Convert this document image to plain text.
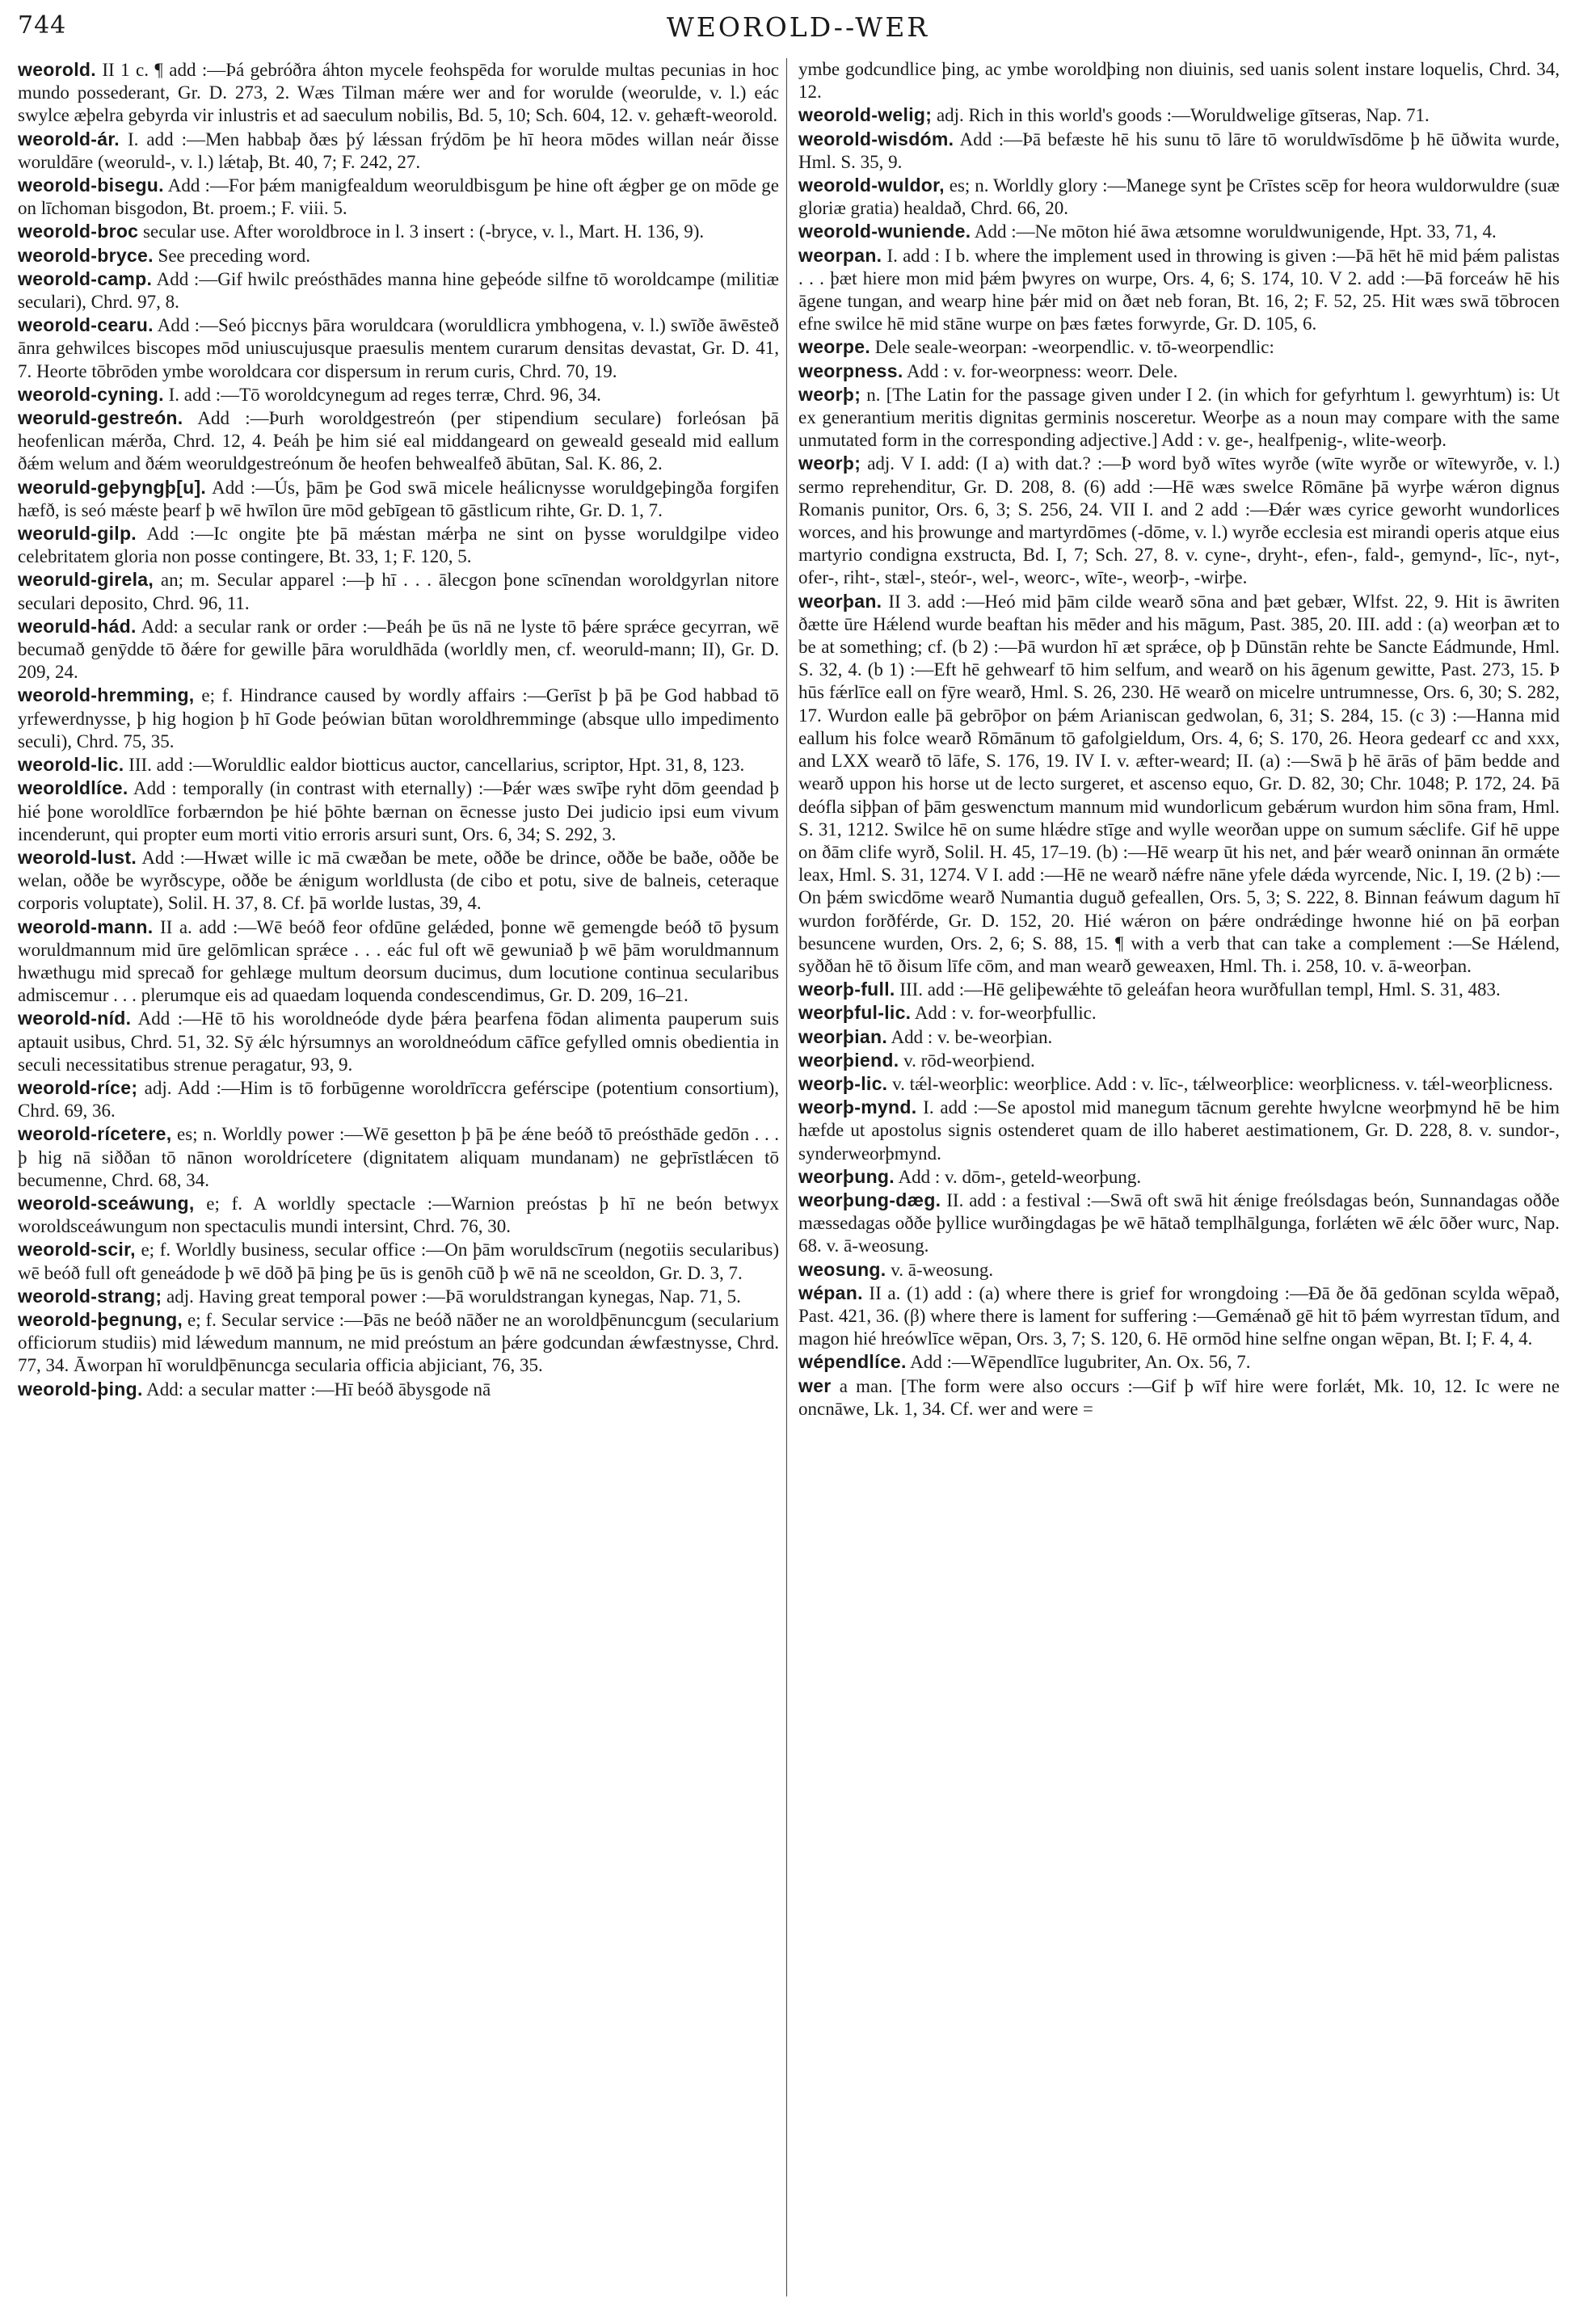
744	WEOROLD--WER

weorold. II 1 c. ¶ add :—Þá gebróðra áhton mycele feohspēda for worulde multas pecunias in hoc mundo possederant, Gr. D. 273, 2. Wæs Tilman mǽre wer and for worulde (weorulde, v. l.) eác swylce æþelra gebyrda vir inlustris et ad saeculum nobilis, Bd. 5, 10; Sch. 604, 12. v. gehæft-weorold.

weorold-ár. I. add :—Men habbaþ ðæs þý lǽssan frýdōm þe hī heora mōdes willan neár ðisse woruldāre (weoruld-, v. l.) lǽtaþ, Bt. 40, 7; F. 242, 27.

weorold-bisegu. Add :—For þǽm manigfealdum weoruldbisgum þe hine oft ǽgþer ge on mōde ge on līchoman bisgodon, Bt. proem.; F. viii. 5.

weorold-broc secular use. After woroldbroce in l. 3 insert : (-bryce, v. l., Mart. H. 136, 9).

weorold-bryce. See preceding word.

weorold-camp. Add :—Gif hwilc preósthādes manna hine geþeóde silfne tō woroldcampe (militiæ seculari), Chrd. 97, 8.

weorold-cearu. Add :—Seó þiccnys þāra woruldcara (woruldlicra ymbhogena, v. l.) swīðe āwēsteð ānra gehwilces biscopes mōd uniuscujusque praesulis mentem curarum densitas devastat, Gr. D. 41, 7. Heorte tōbrōden ymbe woroldcara cor dispersum in rerum curis, Chrd. 70, 19.

weorold-cyning. I. add :—Tō woroldcynegum ad reges terræ, Chrd. 96, 34.

weoruld-gestreón. Add :—Þurh woroldgestreón (per stipendium seculare) forleósan þā heofenlican mǽrða, Chrd. 12, 4. Þeáh þe him sié eal middangeard on geweald geseald mid eallum ðǽm welum and ðǽm weoruldgestreónum ðe heofen behwealfeð ābūtan, Sal. K. 86, 2.

weoruld-geþyngþ[u]. Add :—Ús, þām þe God swā micele heálicnysse woruldgeþingða forgifen hæfð, is seó mǽste þearf þ wē hwīlon ūre mōd gebīgean tō gāstlicum rihte, Gr. D. 1, 7.

weoruld-gilp. Add :—Ic ongite þte þā mǽstan mǽrþa ne sint on þysse woruldgilpe video celebritatem gloria non posse contingere, Bt. 33, 1; F. 120, 5.

weoruld-girela, an; m. Secular apparel :—þ hī . . . ālecgon þone scīnendan woroldgyrlan nitore seculari deposito, Chrd. 96, 11.

weoruld-hád. Add: a secular rank or order :—Þeáh þe ūs nā ne lyste tō þǽre sprǽce gecyrran, wē becumað genȳdde tō ðǽre for gewille þāra woruldhāda (worldly men, cf. weoruld-mann; II), Gr. D. 209, 24.

weorold-hremming, e; f. Hindrance caused by wordly affairs :—Gerīst þ þā þe God habbad tō yrfewerdnysse, þ hig hogion þ hī Gode þeówian būtan woroldhremminge (absque ullo impedimento seculi), Chrd. 75, 35.

weorold-lic. III. add :—Woruldlic ealdor biotticus auctor, cancellarius, scriptor, Hpt. 31, 8, 123.

weoroldlíce. Add : temporally (in contrast with eternally) :—Þǽr wæs swīþe ryht dōm geendad þ hié þone woroldlīce forbærndon þe hié þōhte bærnan on ēcnesse justo Dei judicio ipsi eum vivum incenderunt, qui propter eum morti vitio erroris arsuri sunt, Ors. 6, 34; S. 292, 3.

weorold-lust. Add :—Hwæt wille ic mā cwæðan be mete, oððe be drince, oððe be baðe, oððe be welan, oððe be wyrðscype, oððe be ǽnigum worldlusta (de cibo et potu, sive de balneis, ceteraque corporis voluptate), Solil. H. 37, 8. Cf. þā worlde lustas, 39, 4.

weorold-mann. II a. add :—Wē beóð feor ofdūne gelǽded, þonne wē gemengde beóð tō þysum woruldmannum mid ūre gelōmlican sprǽce . . . eác ful oft wē gewuniað þ wē þām woruldmannum hwæthugu mid sprecað for gehlæge multum deorsum ducimus, dum locutione continua secularibus admiscemur . . . plerumque eis ad quaedam loquenda condescendimus, Gr. D. 209, 16–21.

weorold-níd. Add :—Hē tō his woroldneóde dyde þǽra þearfena fōdan alimenta pauperum suis aptauit usibus, Chrd. 51, 32. Sȳ ǽlc hýrsumnys an woroldneódum cāfīce gefylled omnis obedientia in seculi necessitatibus strenue peragatur, 93, 9.

weorold-ríce; adj. Add :—Him is tō forbūgenne woroldrīccra geférscipe (potentium consortium), Chrd. 69, 36.

weorold-rícetere, es; n. Worldly power :—Wē gesetton þ þā þe ǽne beóð tō preósthāde gedōn . . . þ hig nā siððan tō nānon woroldrícetere (dignitatem aliquam mundanam) ne geþrīstlǽcen tō becumenne, Chrd. 68, 34.

weorold-sceáwung, e; f. A worldly spectacle :—Warnion preóstas þ hī ne beón betwyx woroldsceáwungum non spectaculis mundi intersint, Chrd. 76, 30.

weorold-scir, e; f. Worldly business, secular office :—On þām woruldscīrum (negotiis secularibus) wē beóð full oft geneádode þ wē dōð þā þing þe ūs is genōh cūð þ wē nā ne sceoldon, Gr. D. 3, 7.

weorold-strang; adj. Having great temporal power :—Þā woruldstrangan kynegas, Nap. 71, 5.

weorold-þegnung, e; f. Secular service :—Þās ne beóð nāðer ne an woroldþēnuncgum (secularium officiorum studiis) mid lǽwedum mannum, ne mid preóstum an þǽre godcundan ǽwfæstnysse, Chrd. 77, 34. Āworpan hī woruldþēnuncga secularia officia abjiciant, 76, 35.

weorold-þing. Add: a secular matter :—Hī beóð ābysgode nā

ymbe godcundlice þing, ac ymbe woroldþing non diuinis, sed uanis solent instare loquelis, Chrd. 34, 12.

weorold-welig; adj. Rich in this world's goods :—Woruldwelige gītseras, Nap. 71.

weorold-wisdóm. Add :—Þā befæste hē his sunu tō lāre tō woruldwīsdōme þ hē ūðwita wurde, Hml. S. 35, 9.

weorold-wuldor, es; n. Worldly glory :—Manege synt þe Crīstes scēp for heora wuldorwuldre (suæ gloriæ gratia) healdað, Chrd. 66, 20.

weorold-wuniende. Add :—Ne mōton hié āwa ætsomne woruldwunigende, Hpt. 33, 71, 4.

weorpan. I. add : I b. where the implement used in throwing is given :—Þā hēt hē mid þǽm palistas . . . þæt hiere mon mid þǽm þwyres on wurpe, Ors. 4, 6; S. 174, 10. V 2. add :—Þā forceáw hē his āgene tungan, and wearp hine þǽr mid on ðæt neb foran, Bt. 16, 2; F. 52, 25. Hit wæs swā tōbrocen efne swilce hē mid stāne wurpe on þæs fætes forwyrde, Gr. D. 105, 6.

weorpe. Dele seale-weorpan: -weorpendlic. v. tō-weorpendlic:

weorpness. Add : v. for-weorpness: weorr. Dele.

weorþ; n. [The Latin for the passage given under I 2. (in which for gefyrhtum l. gewyrhtum) is: Ut ex generantium meritis dignitas germinis nosceretur. Weorþe as a noun may compare with the same unmutated form in the corresponding adjective.] Add : v. ge-, healfpenig-, wlite-weorþ.

weorþ; adj. V I. add: (I a) with dat.? :—Þ word byð wītes wyrðe (wīte wyrðe or wītewyrðe, v. l.) sermo reprehenditur, Gr. D. 208, 8. (6) add :—Hē wæs swelce Rōmāne þā wyrþe wǽron dignus Romanis punitor, Ors. 6, 3; S. 256, 24. VII I. and 2 add :—Ðǽr wæs cyrice geworht wundorlices worces, and his þrowunge and martyrdōmes (-dōme, v. l.) wyrðe ecclesia est mirandi operis atque eius martyrio condigna exstructa, Bd. I, 7; Sch. 27, 8. v. cyne-, dryht-, efen-, fald-, gemynd-, līc-, nyt-, ofer-, riht-, stæl-, steór-, wel-, weorc-, wīte-, weorþ-, -wirþe.

weorþan. II 3. add :—Heó mid þām cilde wearð sōna and þæt gebær, Wlfst. 22, 9. Hit is āwriten ðætte ūre Hǽlend wurde beaftan his mēder and his māgum, Past. 385, 20. III. add : (a) weorþan æt to be at something; cf. (b 2) :—Þā wurdon hī æt sprǽce, oþ þ Dūnstān rehte be Sancte Eádmunde, Hml. S. 32, 4. (b 1) :—Eft hē gehwearf tō him selfum, and wearð on his āgenum gewitte, Past. 273, 15. Þ hūs fǽrlīce eall on fȳre wearð, Hml. S. 26, 230. Hē wearð on micelre untrumnesse, Ors. 6, 30; S. 282, 17. Wurdon ealle þā gebrōþor on þǽm Arianiscan gedwolan, 6, 31; S. 284, 15. (c 3) :—Hanna mid eallum his folce wearð Rōmānum tō gafolgieldum, Ors. 4, 6; S. 170, 26. Heora gedearf cc and xxx, and LXX wearð tō lāfe, S. 176, 19. IV I. v. æfter-weard; II. (a) :—Swā þ hē ārās of þām bedde and wearð uppon his horse ut de lecto surgeret, et ascenso equo, Gr. D. 82, 30; Chr. 1048; P. 172, 24. Þā deófla siþþan of þām geswenctum mannum mid wundorlicum gebǽrum wurdon him sōna fram, Hml. S. 31, 1212. Swilce hē on sume hlǽdre stīge and wylle weorðan uppe on sumum sǽclife. Gif hē uppe on ðām clife wyrð, Solil. H. 45, 17–19. (b) :—Hē wearp ūt his net, and þǽr wearð oninnan ān ormǽte leax, Hml. S. 31, 1274. V I. add :—Hē ne wearð nǽfre nāne yfele dǽda wyrcende, Nic. I, 19. (2 b) :—On þǽm swicdōme wearð Numantia duguð gefeallen, Ors. 5, 3; S. 222, 8. Binnan feáwum dagum hī wurdon forðférde, Gr. D. 152, 20. Hié wǽron on þǽre ondrǽdinge hwonne hié on þā eorþan besuncene wurden, Ors. 2, 6; S. 88, 15. ¶ with a verb that can take a complement :—Se Hǽlend, syððan hē tō ðisum līfe cōm, and man wearð geweaxen, Hml. Th. i. 258, 10. v. ā-weorþan.

weorþ-full. III. add :—Hē geliþewǽhte tō geleáfan heora wurðfullan templ, Hml. S. 31, 483.

weorþful-lic. Add : v. for-weorþfullic.

weorþian. Add : v. be-weorþian.

weorþiend. v. rōd-weorþiend.

weorþ-lic. v. tǽl-weorþlic: weorþlice. Add : v. līc-, tǽlweorþlice: weorþlicness. v. tǽl-weorþlicness.

weorþ-mynd. I. add :—Se apostol mid manegum tācnum gerehte hwylcne weorþmynd hē be him hæfde ut apostolus signis ostenderet quam de illo haberet aestimationem, Gr. D. 228, 8. v. sundor-, synderweorþmynd.

weorþung. Add : v. dōm-, geteld-weorþung.

weorþung-dæg. II. add : a festival :—Swā oft swā hit ǽnige freólsdagas beón, Sunnandagas oððe mæssedagas oððe þyllice wurðingdagas þe wē hātað templhālgunga, forlǽten wē ǽlc ōðer wurc, Nap. 68. v. ā-weosung.

weosung. v. ā-weosung.

wépan. II a. (1) add : (a) where there is grief for wrongdoing :—Ðā ðe ðā gedōnan scylda wēpað, Past. 421, 36. (β) where there is lament for suffering :—Gemǽnað gē hit tō þǽm wyrrestan tīdum, and magon hié hreówlīce wēpan, Ors. 3, 7; S. 120, 6. Hē ormōd hine selfne ongan wēpan, Bt. I; F. 4, 4.

wépendlíce. Add :—Wēpendlīce lugubriter, An. Ox. 56, 7.

wer a man. [The form were also occurs :—Gif þ wīf hire were forlǽt, Mk. 10, 12. Ic were ne oncnāwe, Lk. 1, 34. Cf. wer and were =
